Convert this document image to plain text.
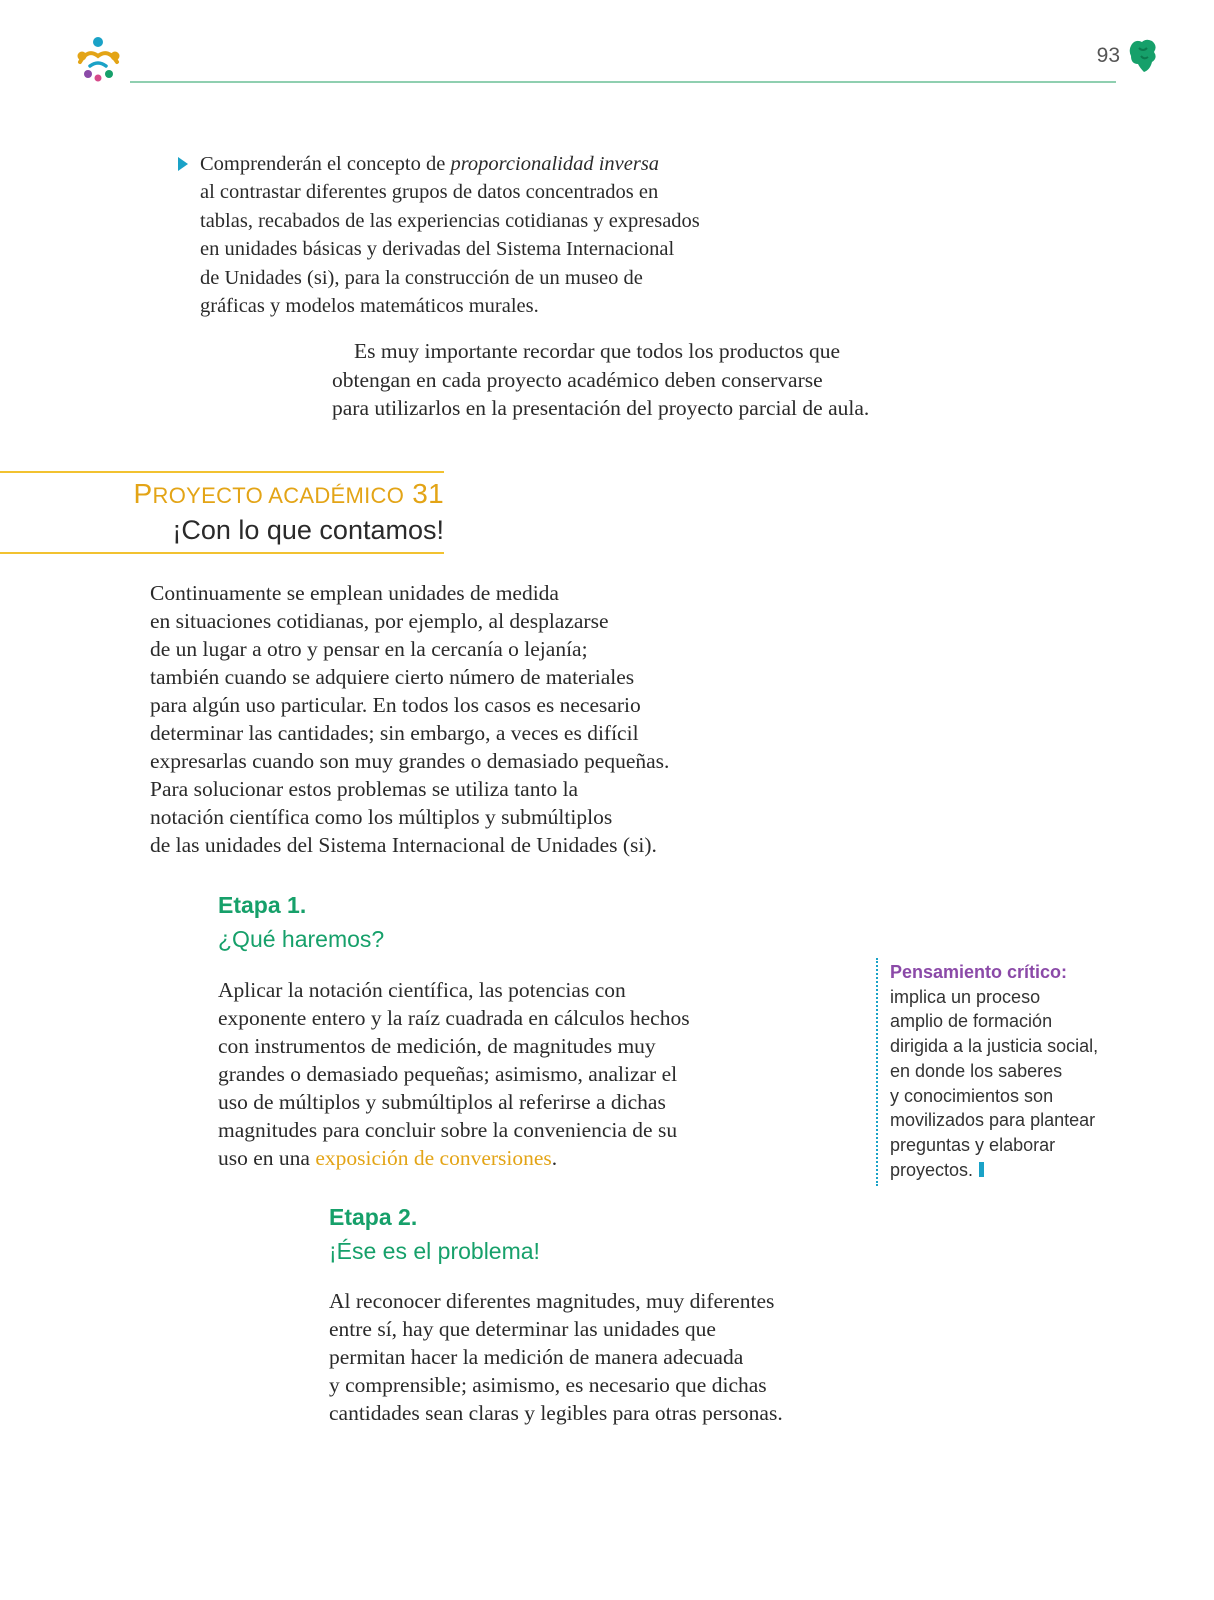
93
Comprenderán el concepto de proporcionalidad inversa
al contrastar diferentes grupos de datos concentrados en
tablas, recabados de las experiencias cotidianas y expresados
en unidades básicas y derivadas del Sistema Internacional
de Unidades (si), para la construcción de un museo de
gráficas y modelos matemáticos murales.
Es muy importante recordar que todos los productos que
obtengan en cada proyecto académico deben conservarse
para utilizarlos en la presentación del proyecto parcial de aula.
PROYECTO ACADÉMICO 31
¡Con lo que contamos!
Continuamente se emplean unidades de medida
en situaciones cotidianas, por ejemplo, al desplazarse
de un lugar a otro y pensar en la cercanía o lejanía;
también cuando se adquiere cierto número de materiales
para algún uso particular. En todos los casos es necesario
determinar las cantidades; sin embargo, a veces es difícil
expresarlas cuando son muy grandes o demasiado pequeñas.
Para solucionar estos problemas se utiliza tanto la
notación científica como los múltiplos y submúltiplos
de las unidades del Sistema Internacional de Unidades (si).
Etapa 1.
¿Qué haremos?
Aplicar la notación científica, las potencias con
exponente entero y la raíz cuadrada en cálculos hechos
con instrumentos de medición, de magnitudes muy
grandes o demasiado pequeñas; asimismo, analizar el
uso de múltiplos y submúltiplos al referirse a dichas
magnitudes para concluir sobre la conveniencia de su
uso en una exposición de conversiones.
Pensamiento crítico:
implica un proceso
amplio de formación
dirigida a la justicia social,
en donde los saberes
y conocimientos son
movilizados para plantear
preguntas y elaborar
proyectos.
Etapa 2.
¡Ése es el problema!
Al reconocer diferentes magnitudes, muy diferentes
entre sí, hay que determinar las unidades que
permitan hacer la medición de manera adecuada
y comprensible; asimismo, es necesario que dichas
cantidades sean claras y legibles para otras personas.
